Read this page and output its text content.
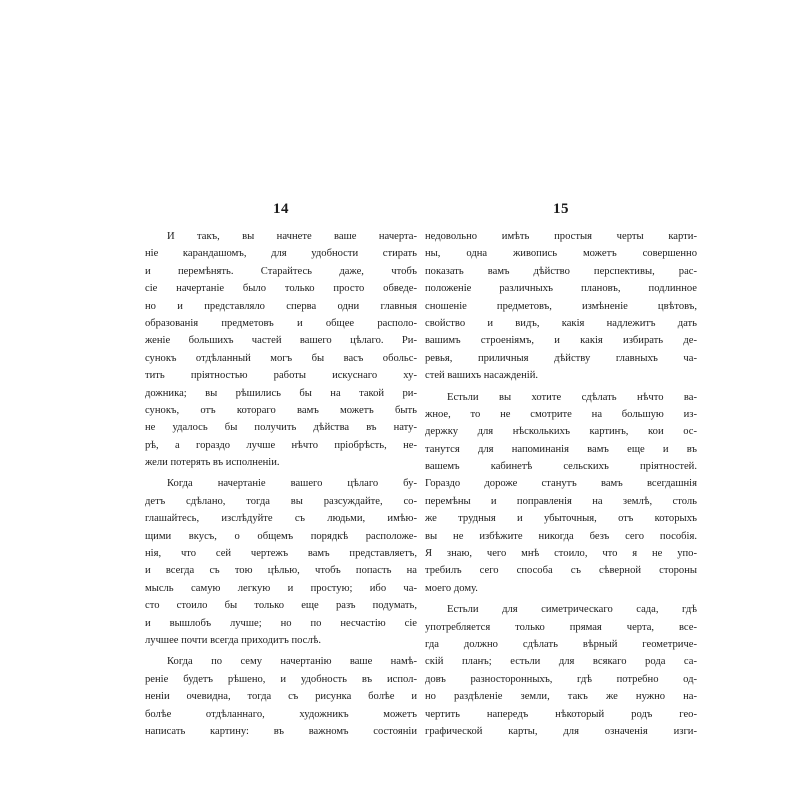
14
И такъ, вы начнете ваше начерта-
ніе карандашомъ, для удобности стирать
и перемѣнять. Старайтесь даже, чтобъ
сіе начертаніе было только просто обведе-
но и представляло сперва одни главныя
образованія предметовъ и общее располо-
женіе большихъ частей вашего цѣлаго. Ри-
сунокъ отдѣланный могъ бы васъ обольс-
тить пріятностью работы искуснаго ху-
дожника; вы рѣшились бы на такой ри-
сунокъ, отъ котораго вамъ можетъ быть
не удалось бы получить дѣйства въ нату-
рѣ, а гораздо лучше нѣчто пріобрѣсть, не-
жели потерять въ исполненіи.
Когда начертаніе вашего цѣлаго бу-
детъ сдѣлано, тогда вы разсуждайте, со-
глашайтесь, изслѣдуйте съ людьми, имѣю-
щими вкусъ, о общемъ порядкѣ расположе-
нія, что сей чертежъ вамъ представляетъ,
и всегда съ тою цѣлью, чтобъ попасть на
мысль самую легкую и простую; ибо ча-
сто стоило бы только еще разъ подумать,
и вышлобъ лучше; но по несчастію сіе
лучшее почти всегда приходитъ послѣ.
Когда по сему начертанію ваше намѣ-
реніе будетъ рѣшено, и удобность въ испол-
неніи очевидна, тогда съ рисунка болѣе и
болѣе отдѣланнаго, художникъ можетъ
написать картину: въ важномъ состояніи
15
недовольно имѣть простыя черты карти-
ны, одна живопись можетъ совершенно
показать вамъ дѣйство перспективы, рас-
положеніе различныхъ плановъ, подлинное
сношеніе предметовъ, измѣненіе цвѣтовъ,
свойство и видъ, какія надлежитъ дать
вашимъ строеніямъ, и какія избирать де-
ревья, приличныя дѣйству главныхъ ча-
стей вашихъ насажденій.
Естьли вы хотите сдѣлать нѣчто ва-
жное, то не смотрите на большую из-
держку для нѣсколькихъ картинъ, кои ос-
танутся для напоминанія вамъ еще и въ
вашемъ кабинетѣ сельскихъ пріятностей.
Гораздо дороже станутъ вамъ всегдашнія
перемѣны и поправленія на землѣ, столь
же трудныя и убыточныя, отъ которыхъ
вы не избѣжите никогда безъ сего пособія.
Я знаю, чего мнѣ стоило, что я не упо-
требилъ сего способа съ сѣверной стороны
моего дому.
Естьли для симетрическаго сада, гдѣ
употребляется только прямая черта, все-
гда должно сдѣлать вѣрный геометриче-
скій планъ; естьли для всякаго рода са-
довъ разносторонныхъ, гдѣ потребно од-
но раздѣленіе земли, такъ же нужно на-
чертить напередъ нѣкоторый родъ гео-
графической карты, для означенія изги-
